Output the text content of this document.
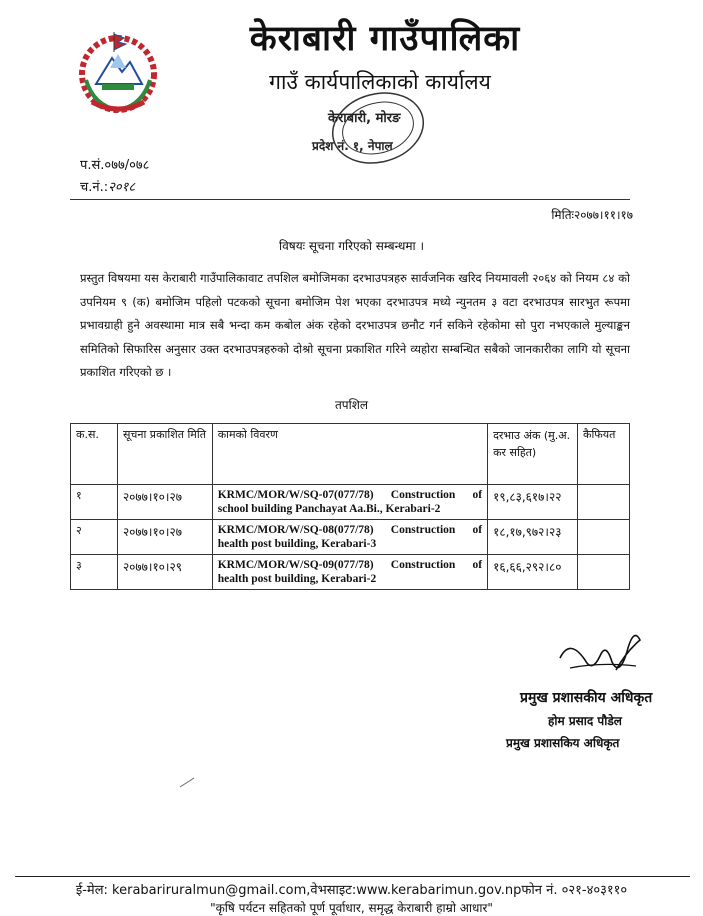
केराबारी गाउँपालिका
गाउँ कार्यपालिकाको कार्यालय
केराबारी, मोरङ
प्रदेश नं. १, नेपाल
प.सं.०७७/०७८
च.नं.:२०१८
मितिः२०७७।११।१७
विषयः सूचना गरिएको सम्बन्धमा ।
प्रस्तुत विषयमा यस केराबारी गाउँपालिकावाट तपशिल बमोजिमका दरभाउपत्रहरु सार्वजनिक खरिद नियमावली २०६४ को नियम ८४ को उपनियम ९ (क) बमोजिम पहिलो पटकको सूचना बमोजिम पेश भएका दरभाउपत्र मध्ये न्युनतम ३ वटा दरभाउपत्र सारभुत रूपमा प्रभावग्राही हुने अवस्थामा मात्र सबै भन्दा कम कबोल अंक रहेको दरभाउपत्र छनौट गर्न सकिने रहेकोमा सो पुरा नभएकाले मुल्याङ्कन समितिको सिफारिस अनुसार उक्त दरभाउपत्रहरुको दोश्रो सूचना प्रकाशित गरिने व्यहोरा सम्बन्धित सबैको जानकारीका लागि यो सूचना प्रकाशित गरिएको छ ।
तपशिल
क.स.	सूचना प्रकाशित मिति	कामको विवरण	दरभाउ अंक (मु.अ. कर सहित)	कैफियत
१	२०७७।१०।२७	KRMC/MOR/W/SQ-07(077/78) Construction of school building Panchayat Aa.Bi., Kerabari-2	१९,८३,६१७।२२	
२	२०७७।१०।२७	KRMC/MOR/W/SQ-08(077/78) Construction of health post building, Kerabari-3	१८,१७,९७२।२३	
३	२०७७।१०।२९	KRMC/MOR/W/SQ-09(077/78) Construction of health post building, Kerabari-2	१६,६६,२९२।८०	
प्रमुख प्रशासकीय अधिकृत
होम प्रसाद पौडेल
प्रमुख प्रशासकिय अधिकृत
ई-मेल: kerabariruralmun@gmail.com,वेभसाइट:www.kerabarimun.gov.npफोन नं. ०२१-४०३११०
"कृषि पर्यटन सहितको पूर्ण पूर्वाधार, समृद्ध केराबारी हाम्रो आधार"
